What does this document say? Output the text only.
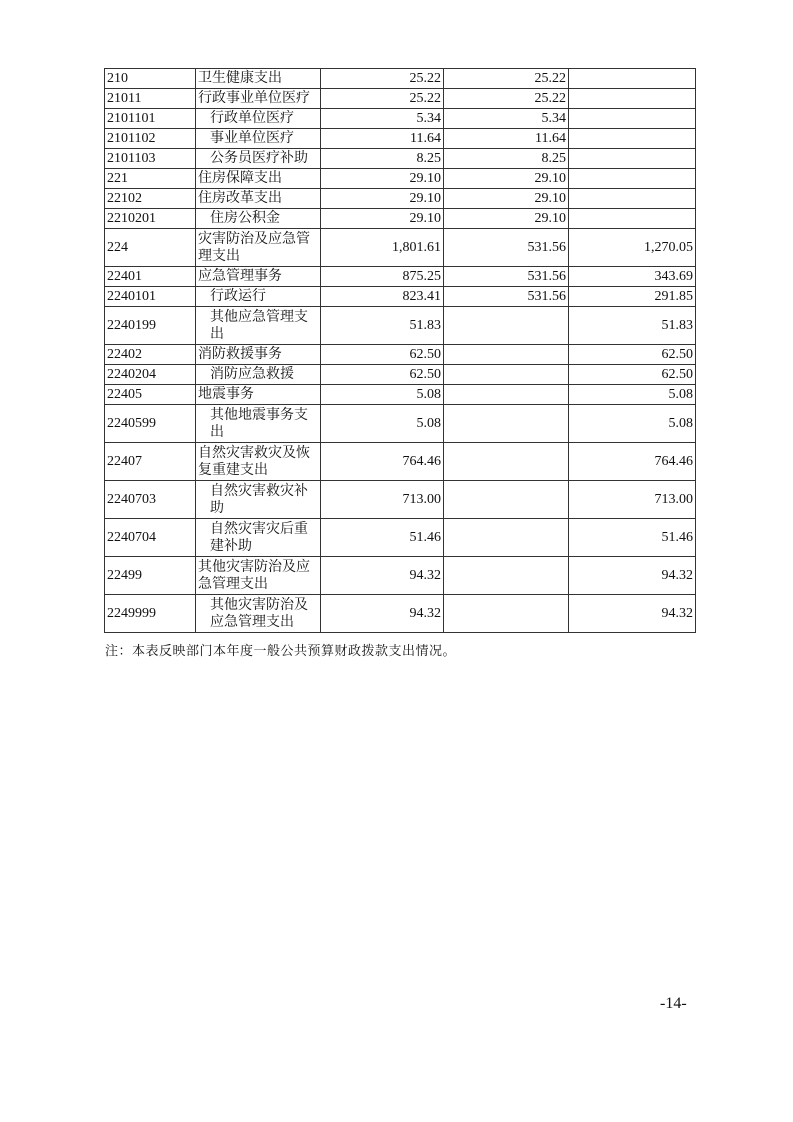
210	卫生健康支出	25.22	25.22	
21011	行政事业单位医疗	25.22	25.22	
2101101	行政单位医疗	5.34	5.34	
2101102	事业单位医疗	11.64	11.64	
2101103	公务员医疗补助	8.25	8.25	
221	住房保障支出	29.10	29.10	
22102	住房改革支出	29.10	29.10	
2210201	住房公积金	29.10	29.10	
224	灾害防治及应急管理支出	1,801.61	531.56	1,270.05
22401	应急管理事务	875.25	531.56	343.69
2240101	行政运行	823.41	531.56	291.85
2240199	其他应急管理支出	51.83		51.83
22402	消防救援事务	62.50		62.50
2240204	消防应急救援	62.50		62.50
22405	地震事务	5.08		5.08
2240599	其他地震事务支出	5.08		5.08
22407	自然灾害救灾及恢复重建支出	764.46		764.46
2240703	自然灾害救灾补助	713.00		713.00
2240704	自然灾害灾后重建补助	51.46		51.46
22499	其他灾害防治及应急管理支出	94.32		94.32
2249999	其他灾害防治及应急管理支出	94.32		94.32
注：本表反映部门本年度一般公共预算财政拨款支出情况。
-14-
